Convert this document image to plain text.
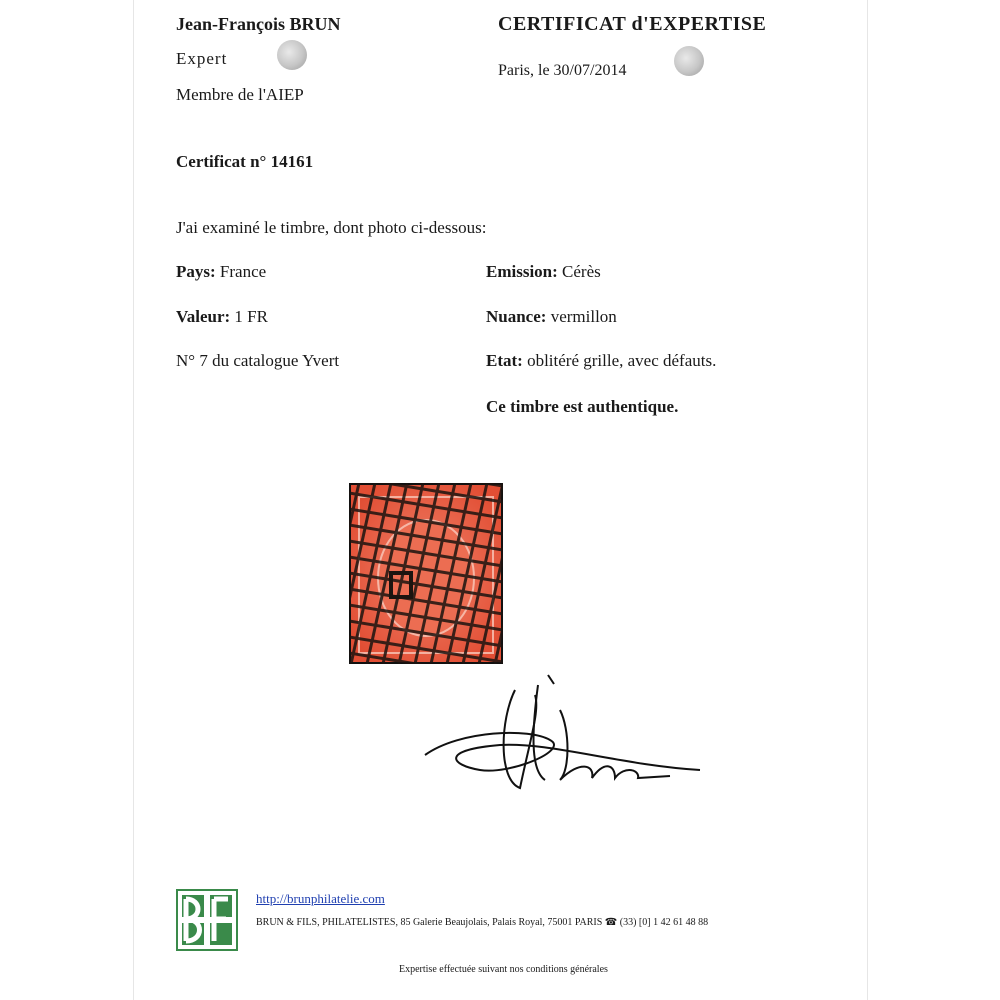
Jean-François BRUN
Expert
Membre de l'AIEP
CERTIFICAT d'EXPERTISE
Paris, le 30/07/2014
Certificat n° 14161
J'ai examiné le timbre, dont photo ci-dessous:
Pays: France
Valeur: 1 FR
N° 7 du catalogue Yvert
Emission: Cérès
Nuance: vermillon
Etat: oblitéré grille, avec défauts.
Ce timbre est authentique.
http://brunphilatelie.com
BRUN & FILS, PHILATELISTES, 85 Galerie Beaujolais, Palais Royal, 75001 PARIS ☎ (33) [0] 1 42 61 48 88
Expertise effectuée suivant nos conditions générales
